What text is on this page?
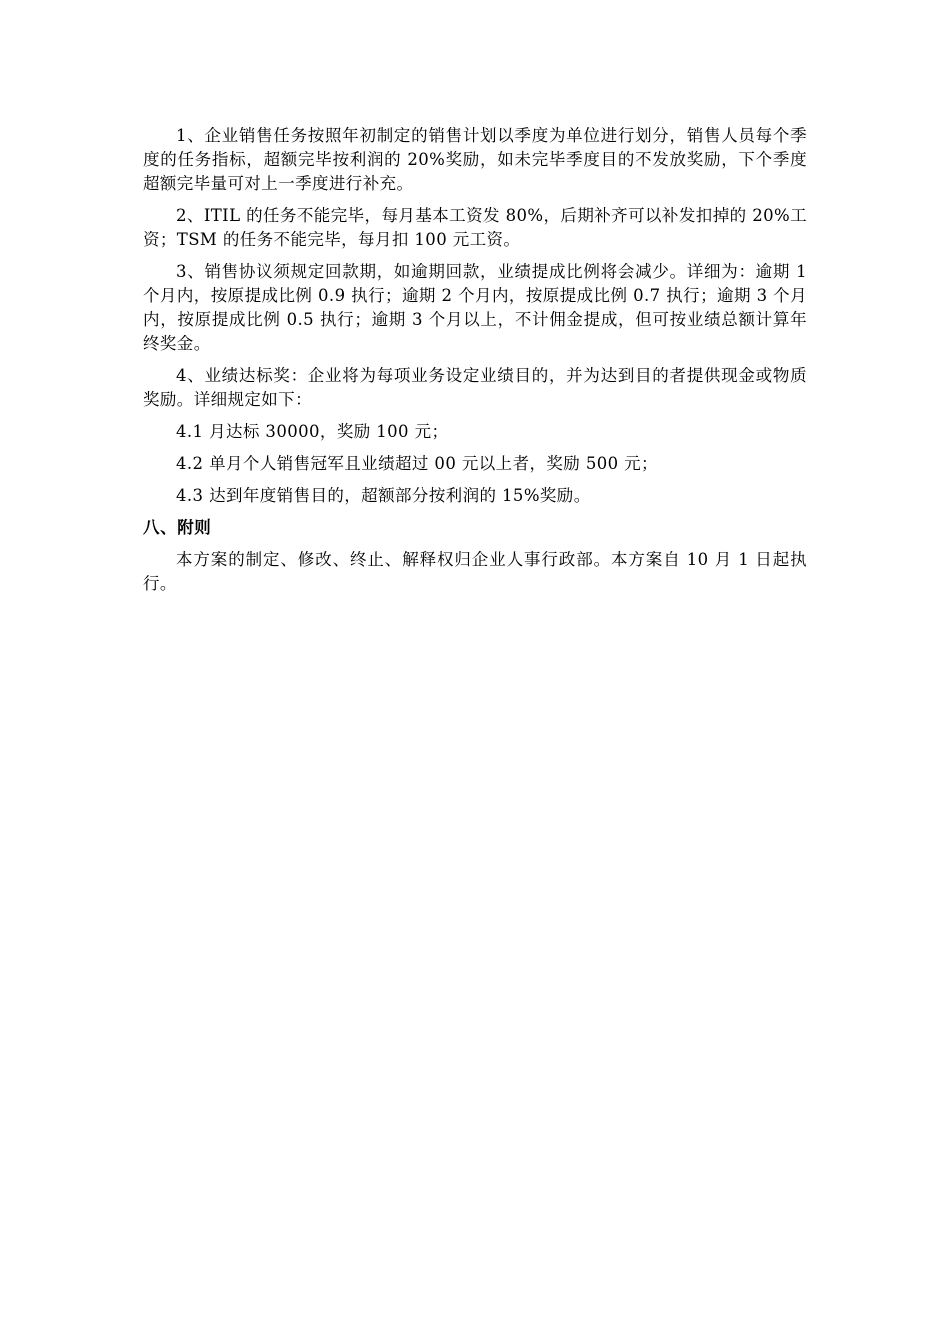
1、企业销售任务按照年初制定的销售计划以季度为单位进行划分，销售人员每个季度的任务指标，超额完毕按利润的 20%奖励，如未完毕季度目的不发放奖励，下个季度超额完毕量可对上一季度进行补充。

2、ITIL 的任务不能完毕，每月基本工资发 80%，后期补齐可以补发扣掉的 20%工资；TSM 的任务不能完毕，每月扣 100 元工资。

3、销售协议须规定回款期，如逾期回款，业绩提成比例将会减少。详细为：逾期 1 个月内，按原提成比例 0.9 执行；逾期 2 个月内，按原提成比例 0.7 执行；逾期 3 个月内，按原提成比例 0.5 执行；逾期 3 个月以上，不计佣金提成，但可按业绩总额计算年终奖金。

4、业绩达标奖：企业将为每项业务设定业绩目的，并为达到目的者提供现金或物质奖励。详细规定如下：

4.1 月达标 30000，奖励 100 元；

4.2 单月个人销售冠军且业绩超过 00 元以上者，奖励 500 元；

4.3 达到年度销售目的，超额部分按利润的 15%奖励。

八、附则

本方案的制定、修改、终止、解释权归企业人事行政部。本方案自 10 月 1 日起执行。
